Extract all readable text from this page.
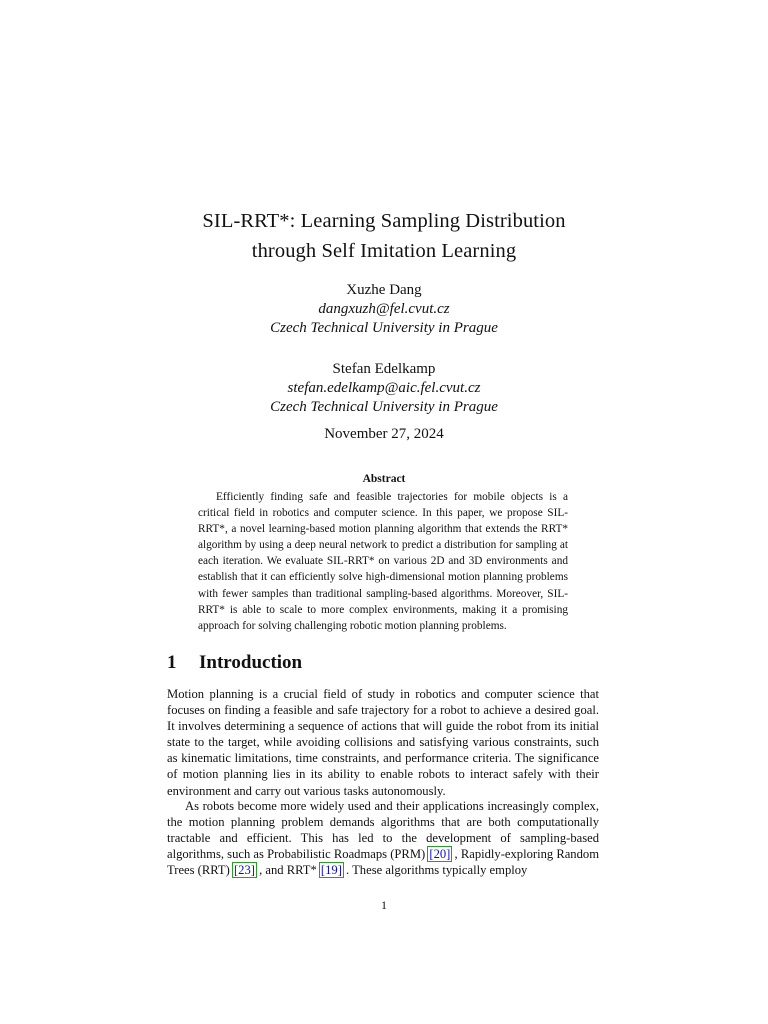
SIL-RRT*: Learning Sampling Distribution
through Self Imitation Learning
Xuzhe Dang
dangxuzh@fel.cvut.cz
Czech Technical University in Prague
Stefan Edelkamp
stefan.edelkamp@aic.fel.cvut.cz
Czech Technical University in Prague
November 27, 2024
Abstract

Efficiently finding safe and feasible trajectories for mobile objects is a critical field in robotics and computer science. In this paper, we propose SIL-RRT*, a novel learning-based motion planning algorithm that extends the RRT* algorithm by using a deep neural network to predict a distribution for sampling at each iteration. We evaluate SIL-RRT* on various 2D and 3D environments and establish that it can efficiently solve high-dimensional motion planning problems with fewer samples than traditional sampling-based algorithms. Moreover, SIL-RRT* is able to scale to more complex environments, making it a promising approach for solving challenging robotic motion planning problems.

1 Introduction

Motion planning is a crucial field of study in robotics and computer science that focuses on finding a feasible and safe trajectory for a robot to achieve a desired goal. It involves determining a sequence of actions that will guide the robot from its initial state to the target, while avoiding collisions and satisfying various constraints, such as kinematic limitations, time constraints, and performance criteria. The significance of motion planning lies in its ability to enable robots to interact safely with their environment and carry out various tasks autonomously.

As robots become more widely used and their applications increasingly complex, the motion planning problem demands algorithms that are both computationally tractable and efficient. This has led to the development of sampling-based algorithms, such as Probabilistic Roadmaps (PRM) [20] , Rapidly-exploring Random Trees (RRT) [23] , and RRT* [19] . These algorithms typically employ

1
